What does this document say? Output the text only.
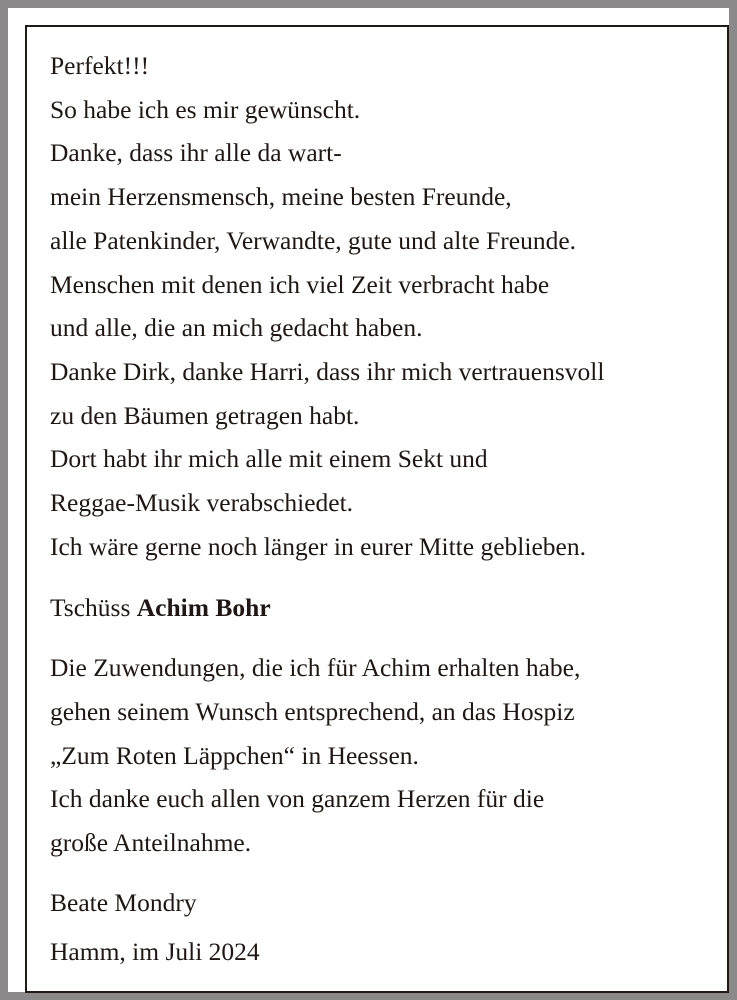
Perfekt!!!
So habe ich es mir gewünscht.
Danke, dass ihr alle da wart-
mein Herzensmensch, meine besten Freunde,
alle Patenkinder, Verwandte, gute und alte Freunde.
Menschen mit denen ich viel Zeit verbracht habe
und alle, die an mich gedacht haben.
Danke Dirk, danke Harri, dass ihr mich vertrauensvoll
zu den Bäumen getragen habt.
Dort habt ihr mich alle mit einem Sekt und
Reggae-Musik verabschiedet.
Ich wäre gerne noch länger in eurer Mitte geblieben.
Tschüss Achim Bohr
Die Zuwendungen, die ich für Achim erhalten habe,
gehen seinem Wunsch entsprechend, an das Hospiz
„Zum Roten Läppchen“ in Heessen.
Ich danke euch allen von ganzem Herzen für die
große Anteilnahme.
Beate Mondry
Hamm, im Juli 2024
